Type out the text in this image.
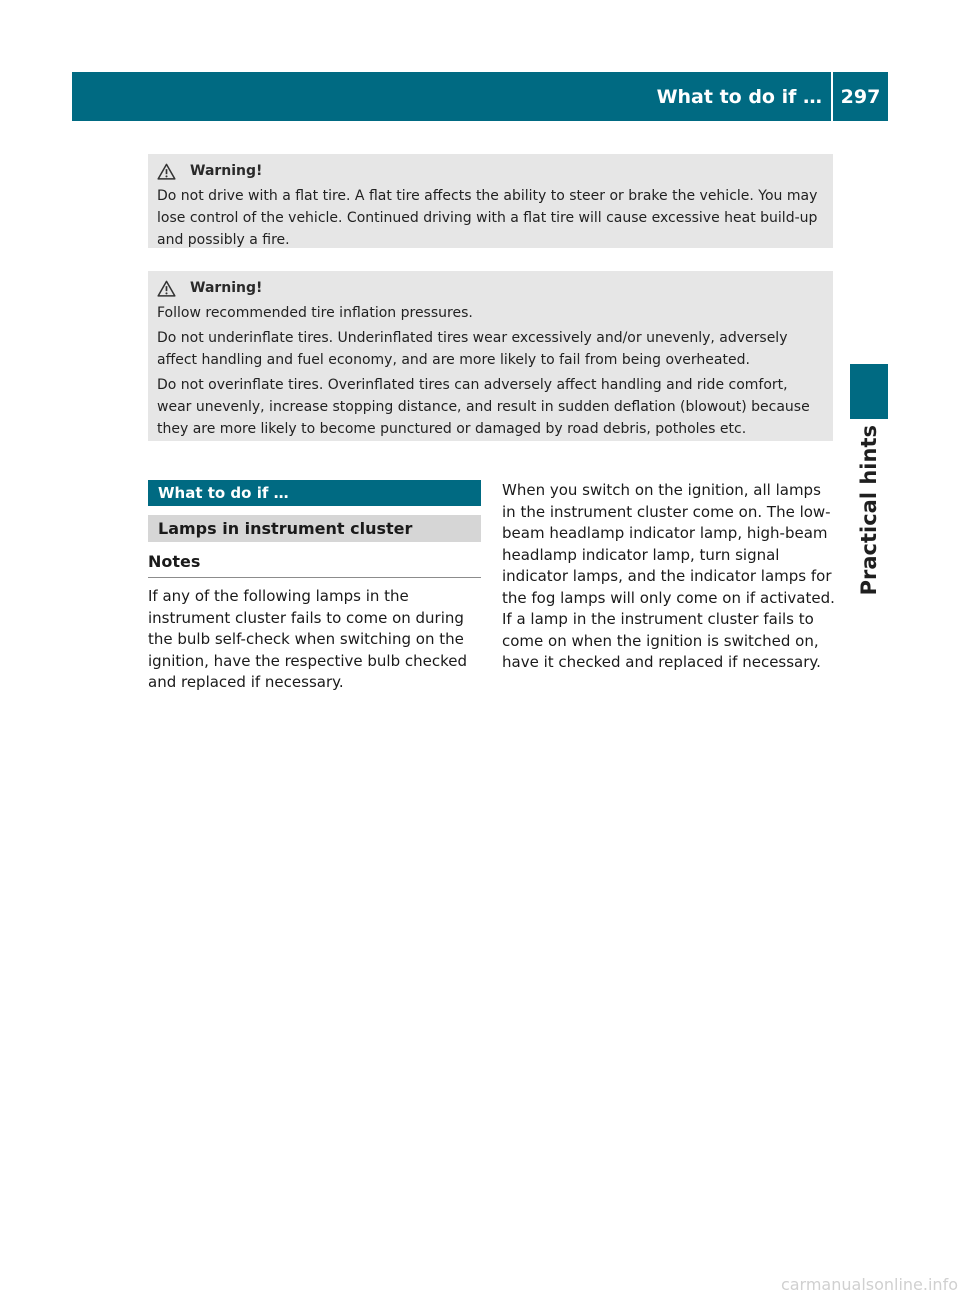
What to do if … 297
Practical hints
Warning!

Do not drive with a flat tire. A flat tire affects the ability to steer or brake the vehicle. You may lose control of the vehicle. Continued driving with a flat tire will cause excessive heat build-up and possibly a fire.

Warning!

Follow recommended tire inflation pressures.

Do not underinflate tires. Underinflated tires wear excessively and/or unevenly, adversely affect handling and fuel economy, and are more likely to fail from being overheated.

Do not overinflate tires. Overinflated tires can adversely affect handling and ride comfort, wear unevenly, increase stopping distance, and result in sudden deflation (blowout) because they are more likely to become punctured or damaged by road debris, potholes etc.

What to do if …
Lamps in instrument cluster
Notes

If any of the following lamps in the instrument cluster fails to come on during the bulb self-check when switching on the ignition, have the respective bulb checked and replaced if necessary.

When you switch on the ignition, all lamps in the instrument cluster come on. The low-beam headlamp indicator lamp, high-beam headlamp indicator lamp, turn signal indicator lamps, and the indicator lamps for the fog lamps will only come on if activated. If a lamp in the instrument cluster fails to come on when the ignition is switched on, have it checked and replaced if necessary.

carmanualsonline.info
